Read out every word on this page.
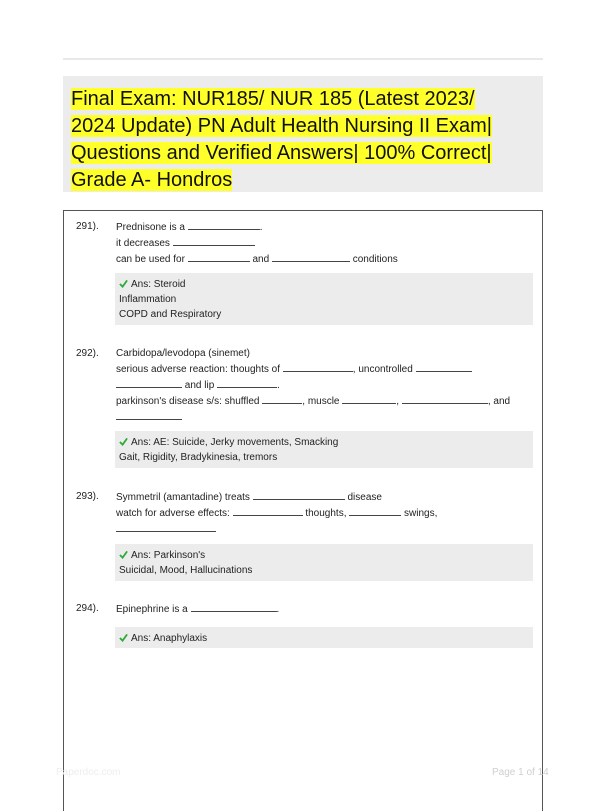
Final Exam: NUR185/ NUR 185 (Latest 2023/ 2024 Update) PN Adult Health Nursing II Exam| Questions and Verified Answers| 100% Correct| Grade A- Hondros
291). Prednisone is a	.
it decreases
can be used for	and	conditions
Ans: Steroid
Inflammation
COPD and Respiratory
292). Carbidopa/levodopa (sinemet)
serious adverse reaction: thoughts of	, uncontrolled
and lip	.
parkinson's disease s/s: shuffled	, muscle	,	, and
Ans: AE: Suicide, Jerky movements, Smacking
Gait, Rigidity, Bradykinesia, tremors
293). Symmetril (amantadine) treats	disease
watch for adverse effects:	thoughts,	swings,
Ans: Parkinson's
Suicidal, Mood, Hallucinations
294). Epinephrine is a	.
Ans: Anaphylaxis
Paperdoc.com	Page 1 of 14
